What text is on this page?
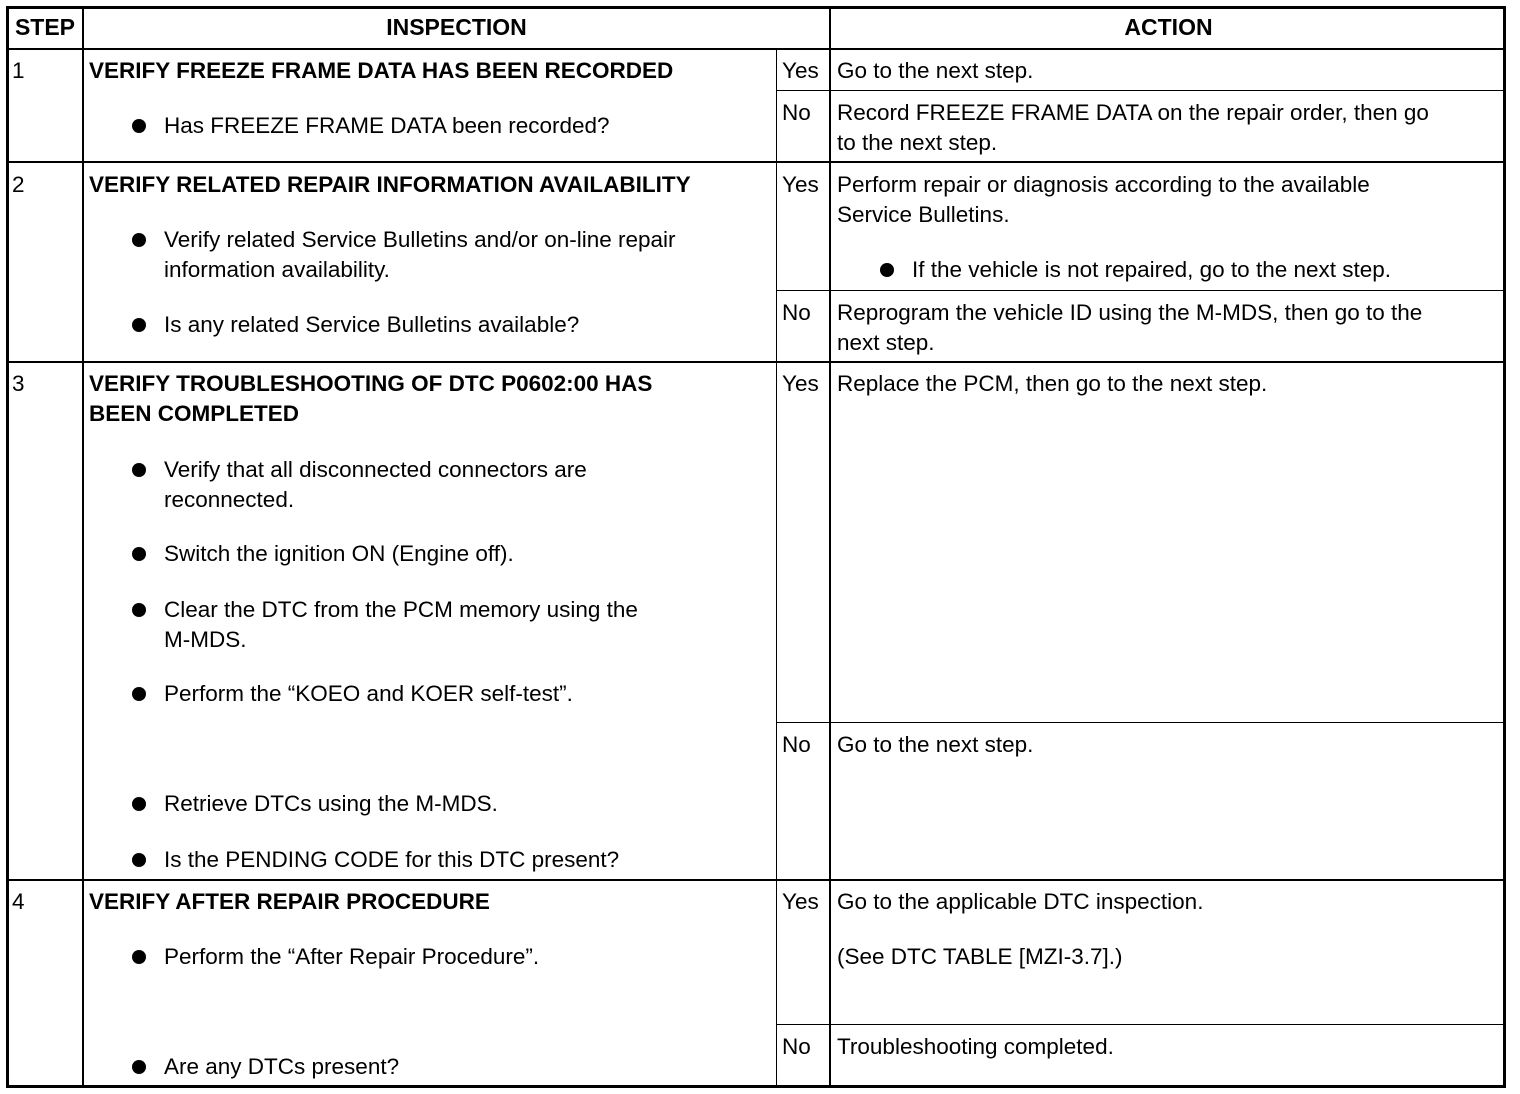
STEP	INSPECTION	ACTION
1	VERIFY FREEZE FRAME DATA HAS BEEN RECORDED
Has FREEZE FRAME DATA been recorded?
Yes Go to the next step.
No Record FREEZE FRAME DATA on the repair order, then go
to the next step.
2	VERIFY RELATED REPAIR INFORMATION AVAILABILITY
Verify related Service Bulletins and/or on-line repair
information availability.
Is any related Service Bulletins available?
Yes Perform repair or diagnosis according to the available
Service Bulletins.
If the vehicle is not repaired, go to the next step.
No Reprogram the vehicle ID using the M-MDS, then go to the
next step.
3	VERIFY TROUBLESHOOTING OF DTC P0602:00 HAS
BEEN COMPLETED
Verify that all disconnected connectors are
reconnected.
Switch the ignition ON (Engine off).
Clear the DTC from the PCM memory using the
M-MDS.
Perform the “KOEO and KOER self-test”.
Retrieve DTCs using the M-MDS.
Is the PENDING CODE for this DTC present?
Yes Replace the PCM, then go to the next step.
No Go to the next step.
4	VERIFY AFTER REPAIR PROCEDURE
Perform the “After Repair Procedure”.
Are any DTCs present?
Yes Go to the applicable DTC inspection.
(See DTC TABLE [MZI-3.7].)
No Troubleshooting completed.
